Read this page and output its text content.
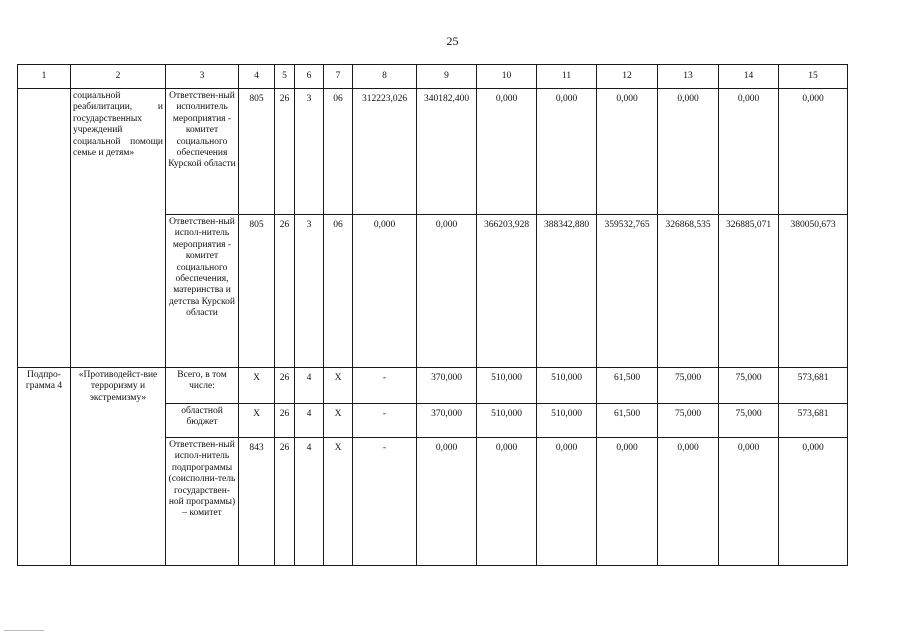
25
1	2	3	4	5	6	7	8	9	10	11	12	13	14	15
	социальной реабилитации, и государственных учреждений социальной помощи семье и детям»	Ответствен-ный исполнитель мероприятия - комитет социального обеспечения Курской области	805	26	3	06	312223,026	340182,400	0,000	0,000	0,000	0,000	0,000	0,000
		Ответствен-ный испол-нитель мероприятия - комитет социального обеспечения, материнства и детства Курской области	805	26	3	06	0,000	0,000	366203,928	388342,880	359532,765	326868,535	326885,071	380050,673
Подпро-грамма 4	«Противодейст-вие терроризму и экстремизму»	Всего, в том числе:	X	26	4	X	-	370,000	510,000	510,000	61,500	75,000	75,000	573,681
		областной бюджет	X	26	4	X	-	370,000	510,000	510,000	61,500	75,000	75,000	573,681
		Ответствен-ный испол-нитель подпрограммы (соисполни-тель государствен-ной программы) – комитет	843	26	4	X	-	0,000	0,000	0,000	0,000	0,000	0,000	0,000
